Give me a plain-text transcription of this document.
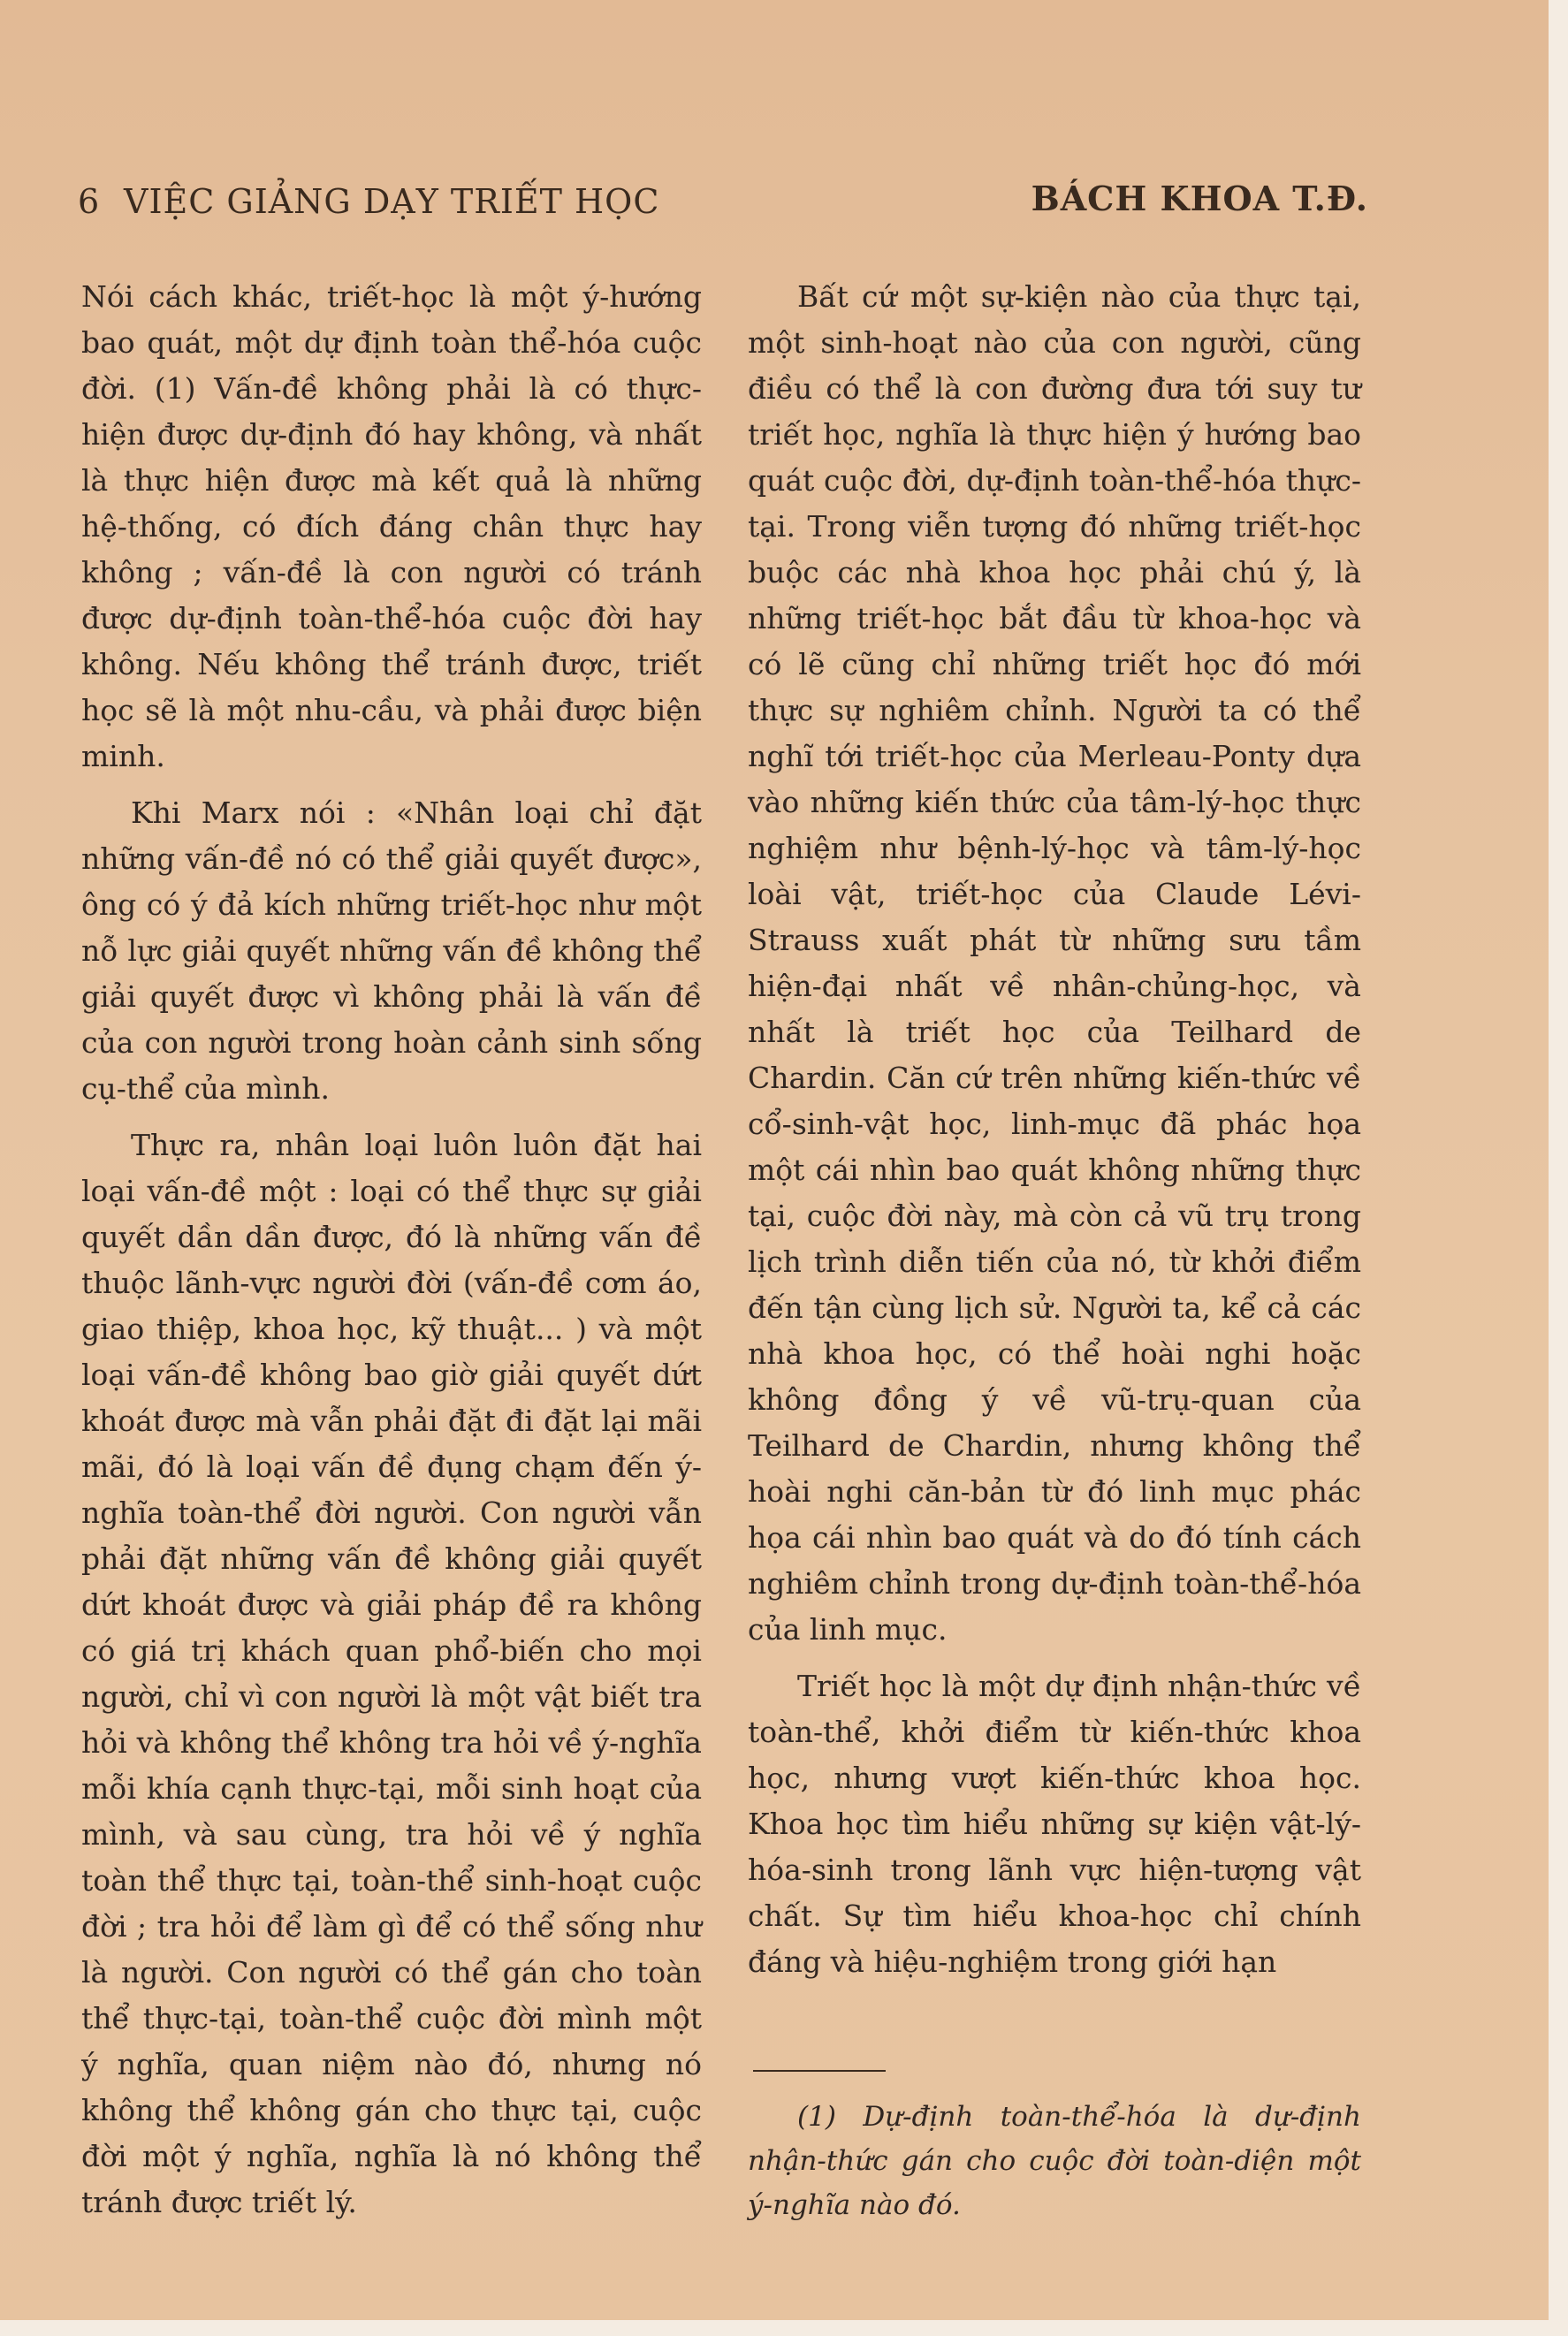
6 VIỆC GIẢNG DẠY TRIẾT HỌC	BÁCH KHOA T.Đ.

Nói cách khác, triết-học là một ý-hướng bao quát, một dự định toàn thể-hóa cuộc đời. (1) Vấn-đề không phải là có thực-hiện được dự-định đó hay không, và nhất là thực hiện được mà kết quả là những hệ-thống, có đích đáng chân thực hay không ; vấn-đề là con người có tránh được dự-định toàn-thể-hóa cuộc đời hay không. Nếu không thể tránh được, triết học sẽ là một nhu-cầu, và phải được biện minh.

Khi Marx nói : «Nhân loại chỉ đặt những vấn-đề nó có thể giải quyết được», ông có ý đả kích những triết-học như một nỗ lực giải quyết những vấn đề không thể giải quyết được vì không phải là vấn đề của con người trong hoàn cảnh sinh sống cụ-thể của mình.

Thực ra, nhân loại luôn luôn đặt hai loại vấn-đề một : loại có thể thực sự giải quyết dần dần được, đó là những vấn đề thuộc lãnh-vực người đời (vấn-đề cơm áo, giao thiệp, khoa học, kỹ thuật... ) và một loại vấn-đề không bao giờ giải quyết dứt khoát được mà vẫn phải đặt đi đặt lại mãi mãi, đó là loại vấn đề đụng chạm đến ý-nghĩa toàn-thể đời người. Con người vẫn phải đặt những vấn đề không giải quyết dứt khoát được và giải pháp đề ra không có giá trị khách quan phổ-biến cho mọi người, chỉ vì con người là một vật biết tra hỏi và không thể không tra hỏi về ý-nghĩa mỗi khía cạnh thực-tại, mỗi sinh hoạt của mình, và sau cùng, tra hỏi về ý nghĩa toàn thể thực tại, toàn-thể sinh-hoạt cuộc đời ; tra hỏi để làm gì để có thể sống như là người. Con người có thể gán cho toàn thể thực-tại, toàn-thể cuộc đời mình một ý nghĩa, quan niệm nào đó, nhưng nó không thể không gán cho thực tại, cuộc đời một ý nghĩa, nghĩa là nó không thể tránh được triết lý.

Bất cứ một sự-kiện nào của thực tại, một sinh-hoạt nào của con người, cũng điều có thể là con đường đưa tới suy tư triết học, nghĩa là thực hiện ý hướng bao quát cuộc đời, dự-định toàn-thể-hóa thực-tại. Trong viễn tượng đó những triết-học buộc các nhà khoa học phải chú ý, là những triết-học bắt đầu từ khoa-học và có lẽ cũng chỉ những triết học đó mới thực sự nghiêm chỉnh. Người ta có thể nghĩ tới triết-học của Merleau-Ponty dựa vào những kiến thức của tâm-lý-học thực nghiệm như bệnh-lý-học và tâm-lý-học loài vật, triết-học của Claude Lévi-Strauss xuất phát từ những sưu tầm hiện-đại nhất về nhân-chủng-học, và nhất là triết học của Teilhard de Chardin. Căn cứ trên những kiến-thức về cổ-sinh-vật học, linh-mục đã phác họa một cái nhìn bao quát không những thực tại, cuộc đời này, mà còn cả vũ trụ trong lịch trình diễn tiến của nó, từ khởi điểm đến tận cùng lịch sử. Người ta, kể cả các nhà khoa học, có thể hoài nghi hoặc không đồng ý về vũ-trụ-quan của Teilhard de Chardin, nhưng không thể hoài nghi căn-bản từ đó linh mục phác họa cái nhìn bao quát và do đó tính cách nghiêm chỉnh trong dự-định toàn-thể-hóa của linh mục.

Triết học là một dự định nhận-thức về toàn-thể, khởi điểm từ kiến-thức khoa học, nhưng vượt kiến-thức khoa học. Khoa học tìm hiểu những sự kiện vật-lý-hóa-sinh trong lãnh vực hiện-tượng vật chất. Sự tìm hiểu khoa-học chỉ chính đáng và hiệu-nghiệm trong giới hạn

(1) Dự-định toàn-thể-hóa là dự-định nhận-thức gán cho cuộc đời toàn-diện một ý-nghĩa nào đó.
